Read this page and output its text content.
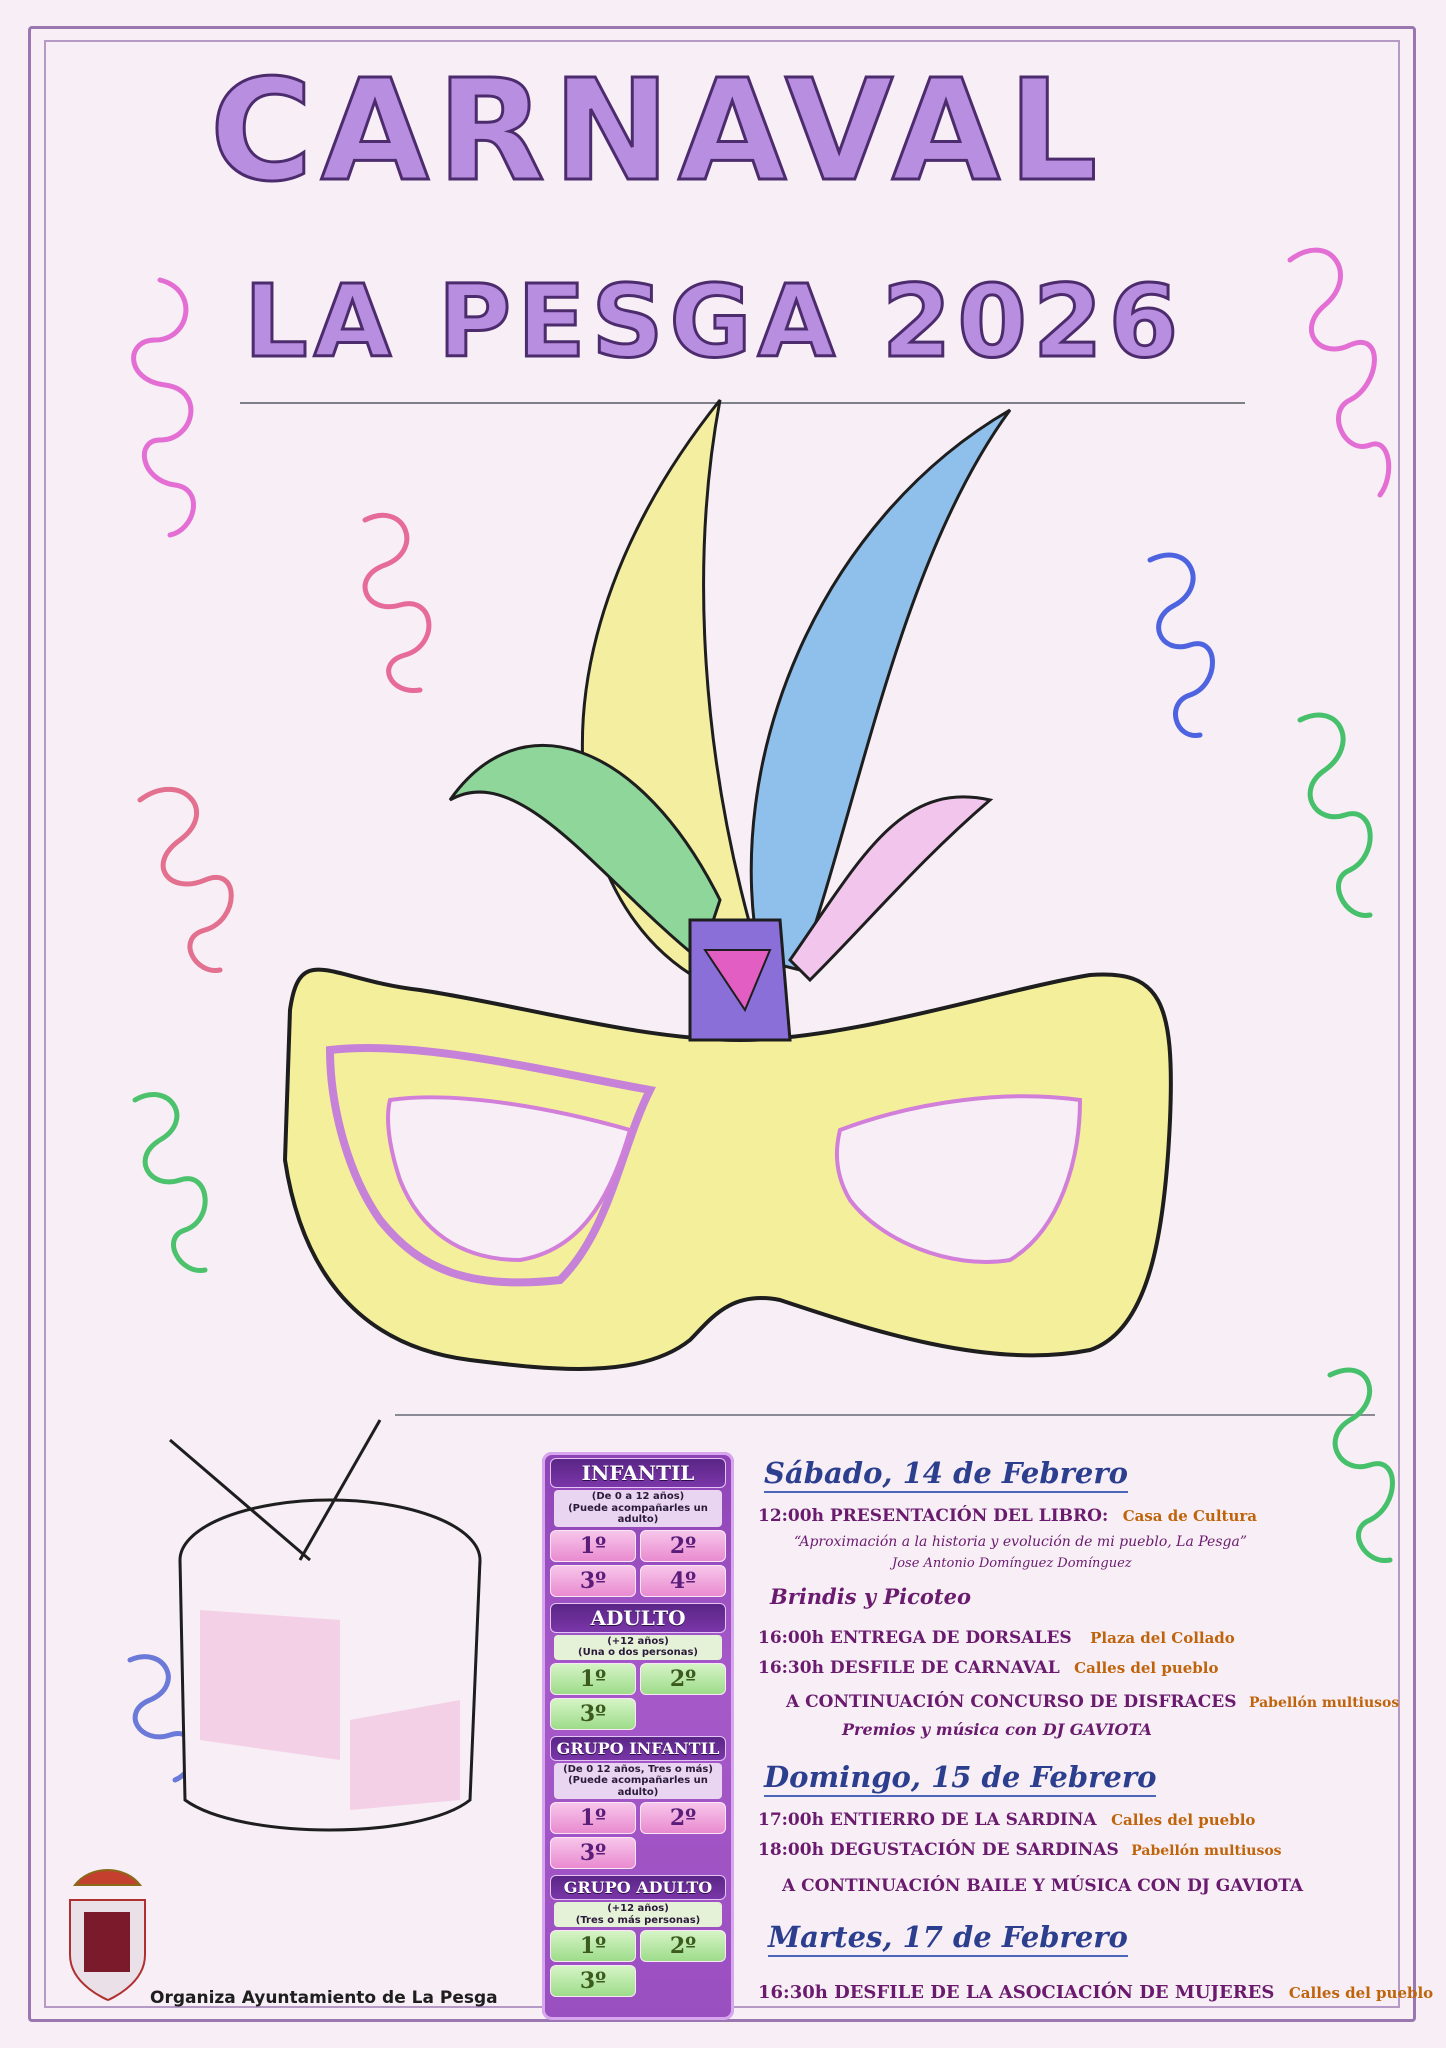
CARNAVAL
LA PESGA 2026
INFANTIL
(De 0 a 12 años)
(Puede acompañarles un adulto)
1º	2º
3º	4º
ADULTO
(+12 años)
(Una o dos personas)
1º	2º
3º
GRUPO INFANTIL
(De 0 12 años, Tres o más)
(Puede acompañarles un adulto)
1º	2º
3º
GRUPO ADULTO
(+12 años)
(Tres o más personas)
1º	2º
3º
Sábado, 14 de Febrero
12:00h PRESENTACIÓN DEL LIBRO: Casa de Cultura
“Aproximación a la historia y evolución de mi pueblo, La Pesga”
Jose Antonio Domínguez Domínguez
Brindis y Picoteo
16:00h ENTREGA DE DORSALES Plaza del Collado
16:30h DESFILE DE CARNAVAL Calles del pueblo
A CONTINUACIÓN CONCURSO DE DISFRACES Pabellón multiusos
Premios y música con DJ GAVIOTA
Domingo, 15 de Febrero
17:00h ENTIERRO DE LA SARDINA Calles del pueblo
18:00h DEGUSTACIÓN DE SARDINAS Pabellón multiusos
A CONTINUACIÓN BAILE Y MÚSICA CON DJ GAVIOTA
Martes, 17 de Febrero
16:30h DESFILE DE LA ASOCIACIÓN DE MUJERES Calles del pueblo
Organiza Ayuntamiento de La Pesga
